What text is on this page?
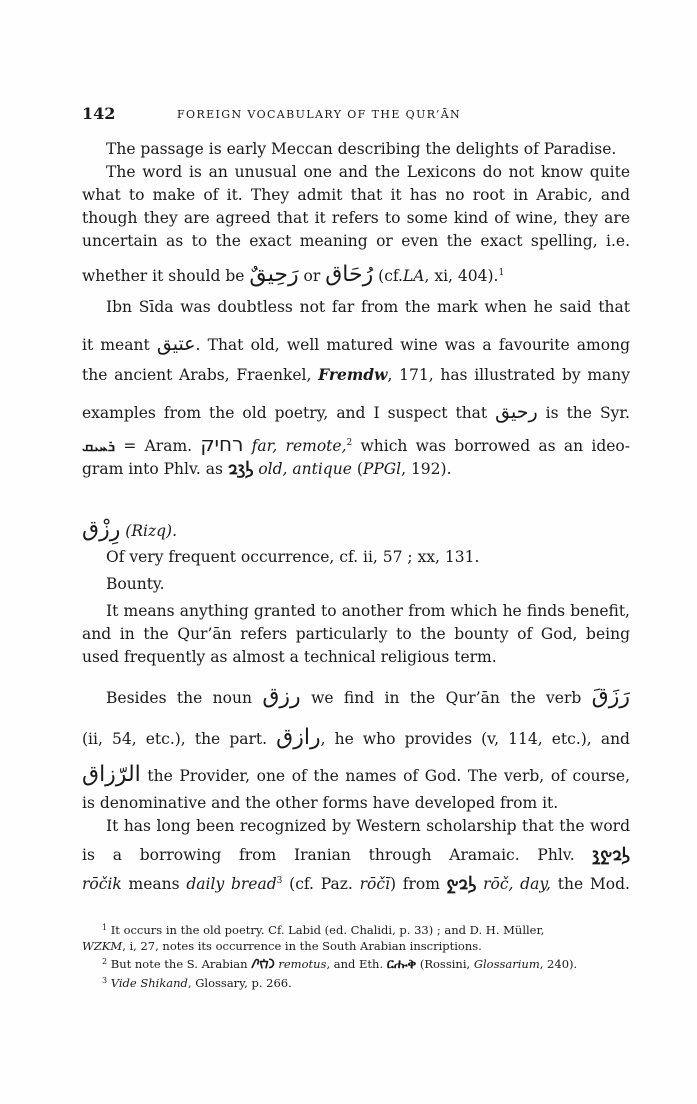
142	FOREIGN VOCABULARY OF THE QUR’ĀN
The passage is early Meccan describing the delights of Paradise.
The word is an unusual one and the Lexicons do not know quite
what to make of it. They admit that it has no root in Arabic, and
though they are agreed that it refers to some kind of wine, they are
uncertain as to the exact meaning or even the exact spelling, i.e.
whether it should be رَحِيقٌ or رُحَاق (cf.LA, xi, 404).$^1$
Ibn Sīda was doubtless not far from the mark when he said that
it meant عتيق. That old, well matured wine was a favourite among
the ancient Arabs, Fraenkel, Fremdw, 171, has illustrated by many
examples from the old poetry, and I suspect that رحيق is the Syr.
ܪܚܝܩ = Aram. רחיק far, remote,$^2$ which was borrowed as an ideo-
gram into Phlv. as 𐭫𐭣𐭥 old, antique (PPGl, 192).
رِزْق (Rizq).
Of very frequent occurrence, cf. ii, 57 ; xx, 131.
Bounty.
It means anything granted to another from which he finds benefit,
and in the Qur’ān refers particularly to the bounty of God, being
used frequently as almost a technical religious term.
Besides the noun رزق we find in the Qur’ān the verb رَزَقَ
(ii, 54, etc.), the part. رازق, he who provides (v, 114, etc.), and
الرّزاق the Provider, one of the names of God. The verb, of course,
is denominative and the other forms have developed from it.
It has long been recognized by Western scholarship that the word
is a borrowing from Iranian through Aramaic. Phlv. 𐭫𐭥𐭰𐭪
rōčik means daily bread$^3$ (cf. Paz. rōčī) from 𐭫𐭥𐭰 rōč, day, the Mod.
$^1$ It occurs in the old poetry. Cf. Labid (ed. Chalidi, p. 33) ; and D. H. Müller,
WZKM, i, 27, notes its occurrence in the South Arabian inscriptions.
$^2$ But note the S. Arabian 𐪇𐪊𐪁 remotus, and Eth. ርሑቅ (Rossini, Glossarium, 240).
$^3$ Vide Shikand, Glossary, p. 266.
